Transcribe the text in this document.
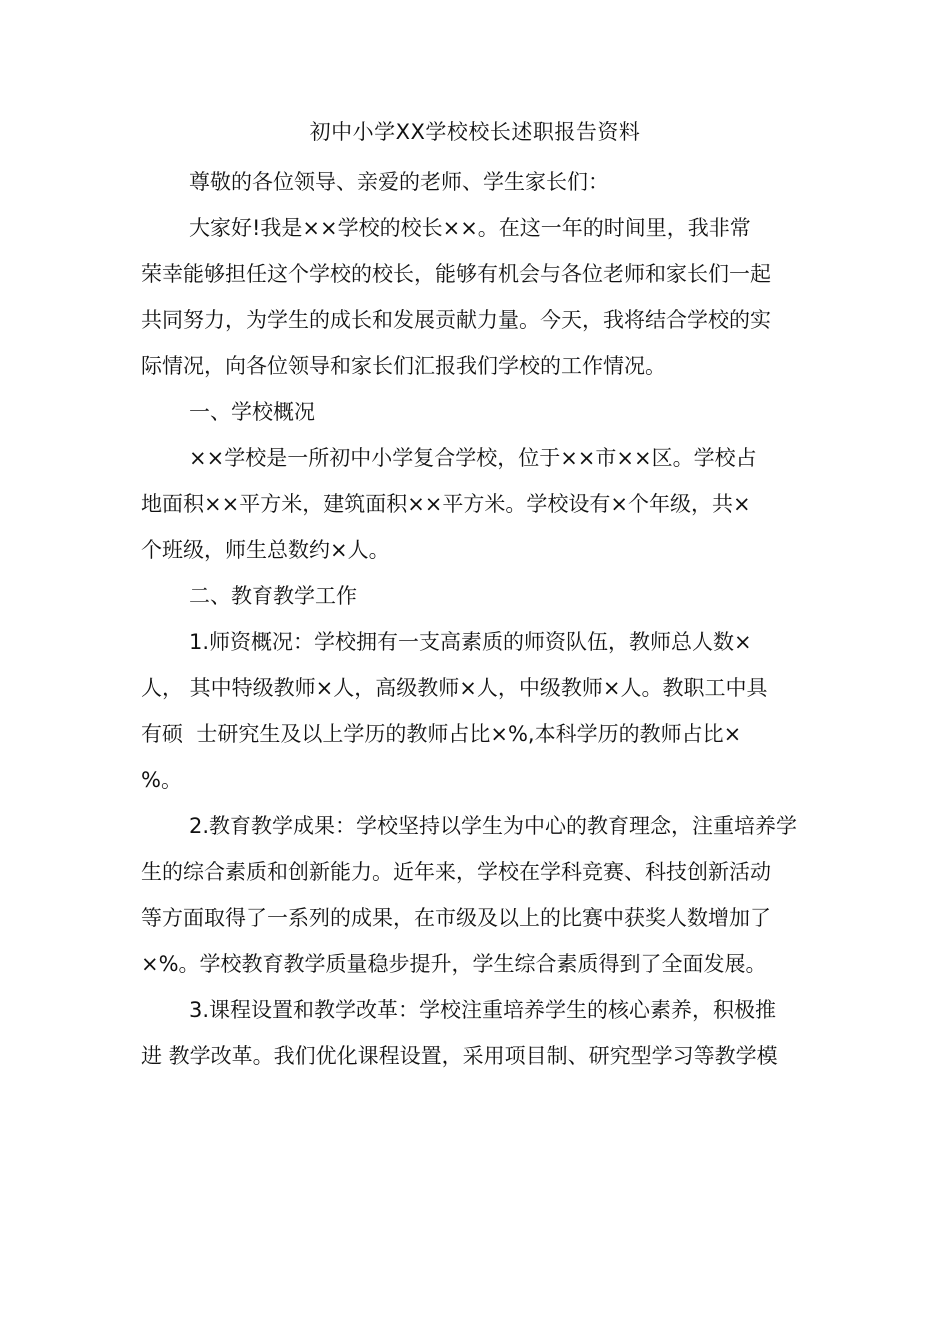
初中小学XX学校校长述职报告资料

尊敬的各位领导、亲爱的老师、学生家长们：

大家好!我是××学校的校长××。在这一年的时间里，我非常
荣幸能够担任这个学校的校长，能够有机会与各位老师和家长们一起
共同努力，为学生的成长和发展贡献力量。今天，我将结合学校的实
际情况，向各位领导和家长们汇报我们学校的工作情况。

一、学校概况

××学校是一所初中小学复合学校，位于××市××区。学校占
地面积××平方米，建筑面积××平方米。学校设有×个年级，共×
个班级，师生总数约×人。

二、教育教学工作

1.师资概况：学校拥有一支高素质的师资队伍，教师总人数×
人， 其中特级教师×人，高级教师×人，中级教师×人。教职工中具
有硕  士研究生及以上学历的教师占比×%,本科学历的教师占比×
%。

2.教育教学成果：学校坚持以学生为中心的教育理念，注重培养学
生的综合素质和创新能力。近年来，学校在学科竞赛、科技创新活动
等方面取得了一系列的成果，在市级及以上的比赛中获奖人数增加了
×%。学校教育教学质量稳步提升，学生综合素质得到了全面发展。

3.课程设置和教学改革：学校注重培养学生的核心素养，积极推
进 教学改革。我们优化课程设置，采用项目制、研究型学习等教学模
